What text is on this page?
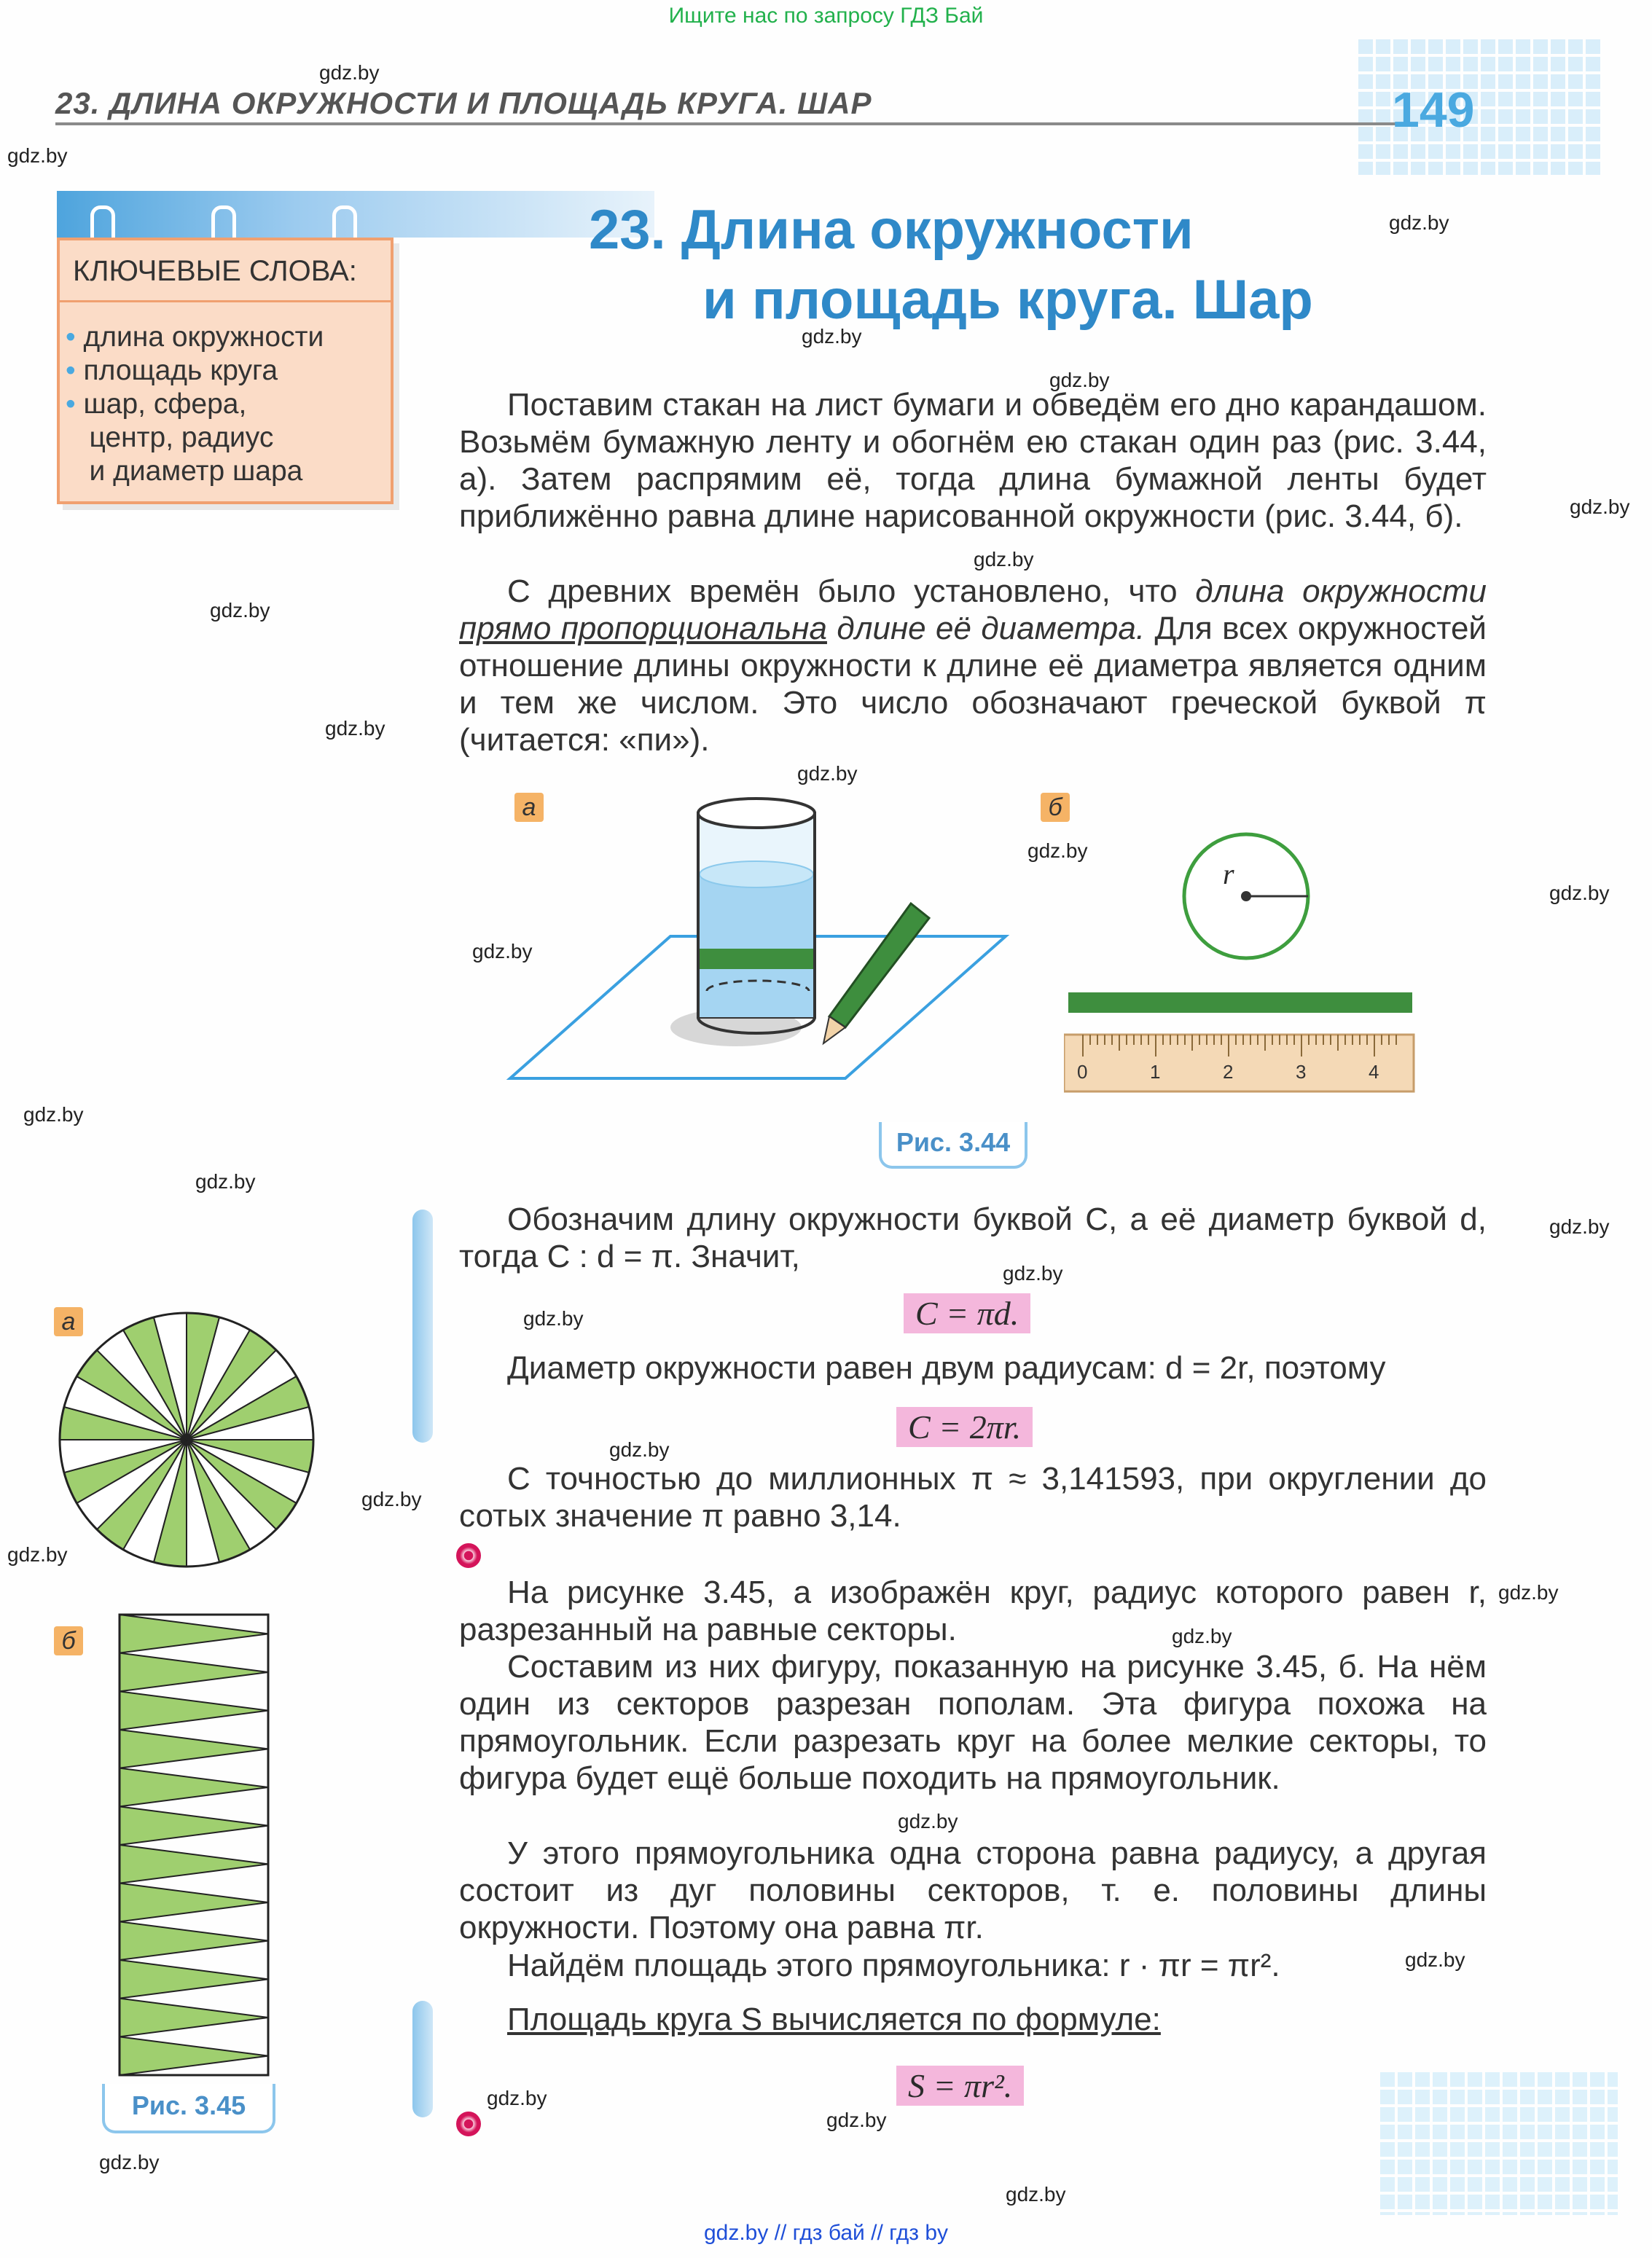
Ищите нас по запросу ГДЗ Бай
23. ДЛИНА ОКРУЖНОСТИ И ПЛОЩАДЬ КРУГА. ШАР	149
КЛЮЧЕВЫЕ СЛОВА:
• длина окружности
• площадь круга
• шар, сфера,
центр, радиус
и диаметр шара
23. Длина окружности
и площадь круга. Шар
Поставим стакан на лист бумаги и обведём его дно карандашом. Возьмём бумажную ленту и обогнём ею стакан один раз (рис. 3.44, а). Затем распрямим её, тогда длина бумажной ленты будет приближённо равна длине нарисованной окружности (рис. 3.44, б).
С древних времён было установлено, что длина окружности прямо пропорциональна длине её диаметра. Для всех окружностей отношение длины окружности к длине её диаметра является одним и тем же числом. Это число обозначают греческой буквой π (читается: «пи»).
а	б
r
0	1	2	3	4
Рис. 3.44
Обозначим длину окружности буквой C, а её диаметр буквой d, тогда C : d = π. Значит,
C = πd.
Диаметр окружности равен двум радиусам: d = 2r, поэтому
C = 2πr.
С точностью до миллионных π ≈ 3,141593, при округлении до сотых значение π равно 3,14.
На рисунке 3.45, а изображён круг, радиус которого равен r, разрезанный на равные секторы.
Составим из них фигуру, показанную на рисунке 3.45, б. На нём один из секторов разрезан пополам. Эта фигура похожа на прямоугольник. Если разрезать круг на более мелкие секторы, то фигура будет ещё больше походить на прямоугольник.
У этого прямоугольника одна сторона равна радиусу, а другая состоит из дуг половины секторов, т. е. половины длины окружности. Поэтому она равна πr.
Найдём площадь этого прямоугольника: r · πr = πr².
Площадь круга S вычисляется по формуле:
S = πr².
а
б
Рис. 3.45
gdz.by
gdz.by
gdz.by
gdz.by
gdz.by
gdz.by
gdz.by
gdz.by
gdz.by
gdz.by
gdz.by
gdz.by
gdz.by
gdz.by
gdz.by
gdz.by
gdz.by
gdz.by
gdz.by
gdz.by
gdz.by
gdz.by
gdz.by
gdz.by
gdz.by
gdz.by
gdz.by
gdz.by
gdz.by
gdz.by // гдз бай // гдз by
